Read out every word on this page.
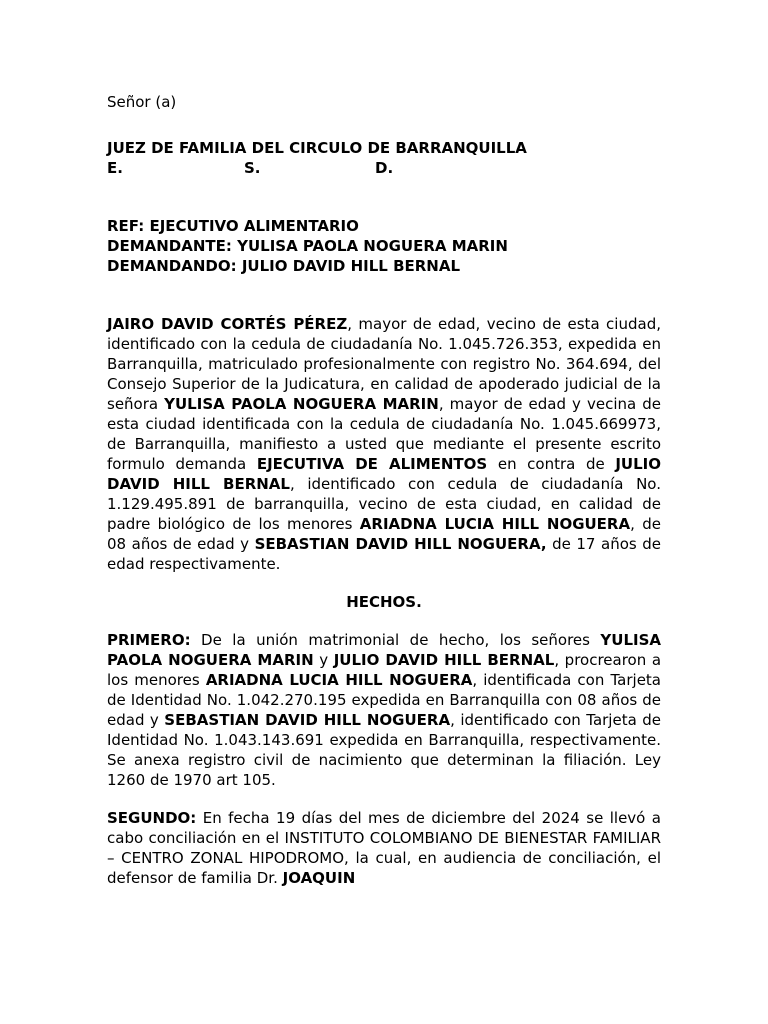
Señor (a)

JUEZ DE FAMILIA DEL CIRCULO DE BARRANQUILLA

E.	S.	D.
REF: EJECUTIVO ALIMENTARIO
DEMANDANTE: YULISA PAOLA NOGUERA MARIN
DEMANDANDO: JULIO DAVID HILL BERNAL

JAIRO DAVID CORTÉS PÉREZ, mayor de edad, vecino de esta ciudad, identificado con la cedula de ciudadanía No. 1.045.726.353, expedida en Barranquilla, matriculado profesionalmente con registro No. 364.694, del Consejo Superior de la Judicatura, en calidad de apoderado judicial de la señora YULISA PAOLA NOGUERA MARIN, mayor de edad y vecina de esta ciudad identificada con la cedula de ciudadanía No. 1.045.669973, de Barranquilla, manifiesto a usted que mediante el presente escrito formulo demanda EJECUTIVA DE ALIMENTOS en contra de JULIO DAVID HILL BERNAL, identificado con cedula de ciudadanía No. 1.129.495.891 de barranquilla, vecino de esta ciudad, en calidad de padre biológico de los menores ARIADNA LUCIA HILL NOGUERA, de 08 años de edad y SEBASTIAN DAVID HILL NOGUERA, de 17 años de edad respectivamente.

HECHOS.

PRIMERO: De la unión matrimonial de hecho, los señores YULISA PAOLA NOGUERA MARIN y JULIO DAVID HILL BERNAL, procrearon a los menores ARIADNA LUCIA HILL NOGUERA, identificada con Tarjeta de Identidad No. 1.042.270.195 expedida en Barranquilla con 08 años de edad y SEBASTIAN DAVID HILL NOGUERA, identificado con Tarjeta de Identidad No. 1.043.143.691 expedida en Barranquilla, respectivamente. Se anexa registro civil de nacimiento que determinan la filiación. Ley 1260 de 1970 art 105.

SEGUNDO: En fecha 19 días del mes de diciembre del 2024 se llevó a cabo conciliación en el INSTITUTO COLOMBIANO DE BIENESTAR FAMILIAR – CENTRO ZONAL HIPODROMO, la cual, en audiencia de conciliación, el defensor de familia Dr. JOAQUIN
